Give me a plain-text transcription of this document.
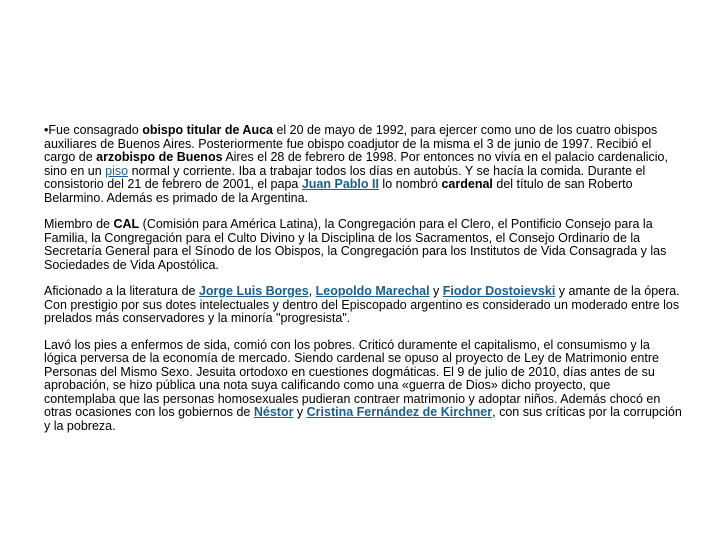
•Fue consagrado obispo titular de Auca el 20 de mayo de 1992, para ejercer como uno de los cuatro obispos auxiliares de Buenos Aires. Posteriormente fue obispo coadjutor de la misma el 3 de junio de 1997. Recibió el cargo de arzobispo de Buenos Aires el 28 de febrero de 1998. Por entonces no vivía en el palacio cardenalicio, sino en un piso normal y corriente. Iba a trabajar todos los días en autobús. Y se hacía la comida. Durante el consistorio del 21 de febrero de 2001, el papa Juan Pablo II lo nombró cardenal del título de san Roberto Belarmino. Además es primado de la Argentina.

Miembro de CAL (Comisión para América Latina), la Congregación para el Clero, el Pontificio Consejo para la Familia, la Congregación para el Culto Divino y la Disciplina de los Sacramentos, el Consejo Ordinario de la Secretaría General para el Sínodo de los Obispos, la Congregación para los Institutos de Vida Consagrada y las Sociedades de Vida Apostólica.

Aficionado a la literatura de Jorge Luis Borges, Leopoldo Marechal y Fiodor Dostoievski y amante de la ópera. Con prestigio por sus dotes intelectuales y dentro del Episcopado argentino es considerado un moderado entre los prelados más conservadores y la minoría "progresista".

Lavó los pies a enfermos de sida, comió con los pobres. Criticó duramente el capitalismo, el consumismo y la lógica perversa de la economía de mercado. Siendo cardenal se opuso al proyecto de Ley de Matrimonio entre Personas del Mismo Sexo. Jesuita ortodoxo en cuestiones dogmáticas. El 9 de julio de 2010, días antes de su aprobación, se hizo pública una nota suya calificando como una «guerra de Dios» dicho proyecto, que contemplaba que las personas homosexuales pudieran contraer matrimonio y adoptar niños. Además chocó en otras ocasiones con los gobiernos de Néstor y Cristina Fernández de Kirchner, con sus críticas por la corrupción y la pobreza.
